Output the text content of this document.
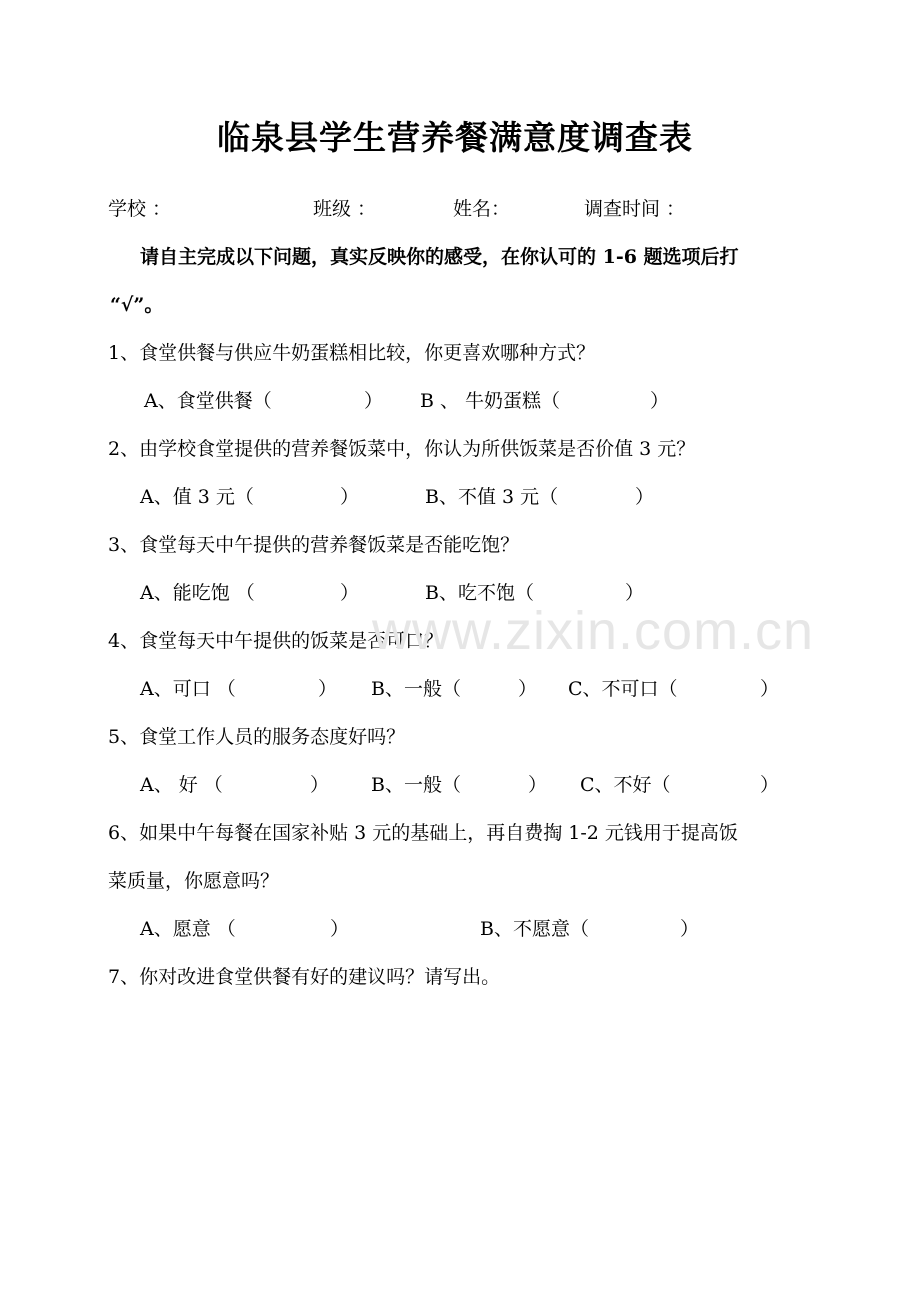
临泉县学生营养餐满意度调查表
学校 ：	班级 ：	姓名：	调查时间 ：
请自主完成以下问题，真实反映你的感受，在你认可的 1-6 题选项后打
“√”。
1、食堂供餐与供应牛奶蛋糕相比较，你更喜欢哪种方式？
A、食堂供餐（	） B 、 牛奶蛋糕（	）
2、由学校食堂提供的营养餐饭菜中，你认为所供饭菜是否价值 3 元？
A、值 3 元（	）	B、不值 3 元（	）
3、食堂每天中午提供的营养餐饭菜是否能吃饱？
A、能吃饱 （	）	B、吃不饱（	）
4、食堂每天中午提供的饭菜是否可口？
A、可口 （	） B、一般（	） C、不可口（	）
5、食堂工作人员的服务态度好吗？
A、 好 （	） B、一般（	） C、不好（	）
6、如果中午每餐在国家补贴 3 元的基础上，再自费掏 1-2 元钱用于提高饭
菜质量，你愿意吗？
A、愿意 （	）	B、不愿意（	）
7、你对改进食堂供餐有好的建议吗？请写出。
www.zixin.com.cn
